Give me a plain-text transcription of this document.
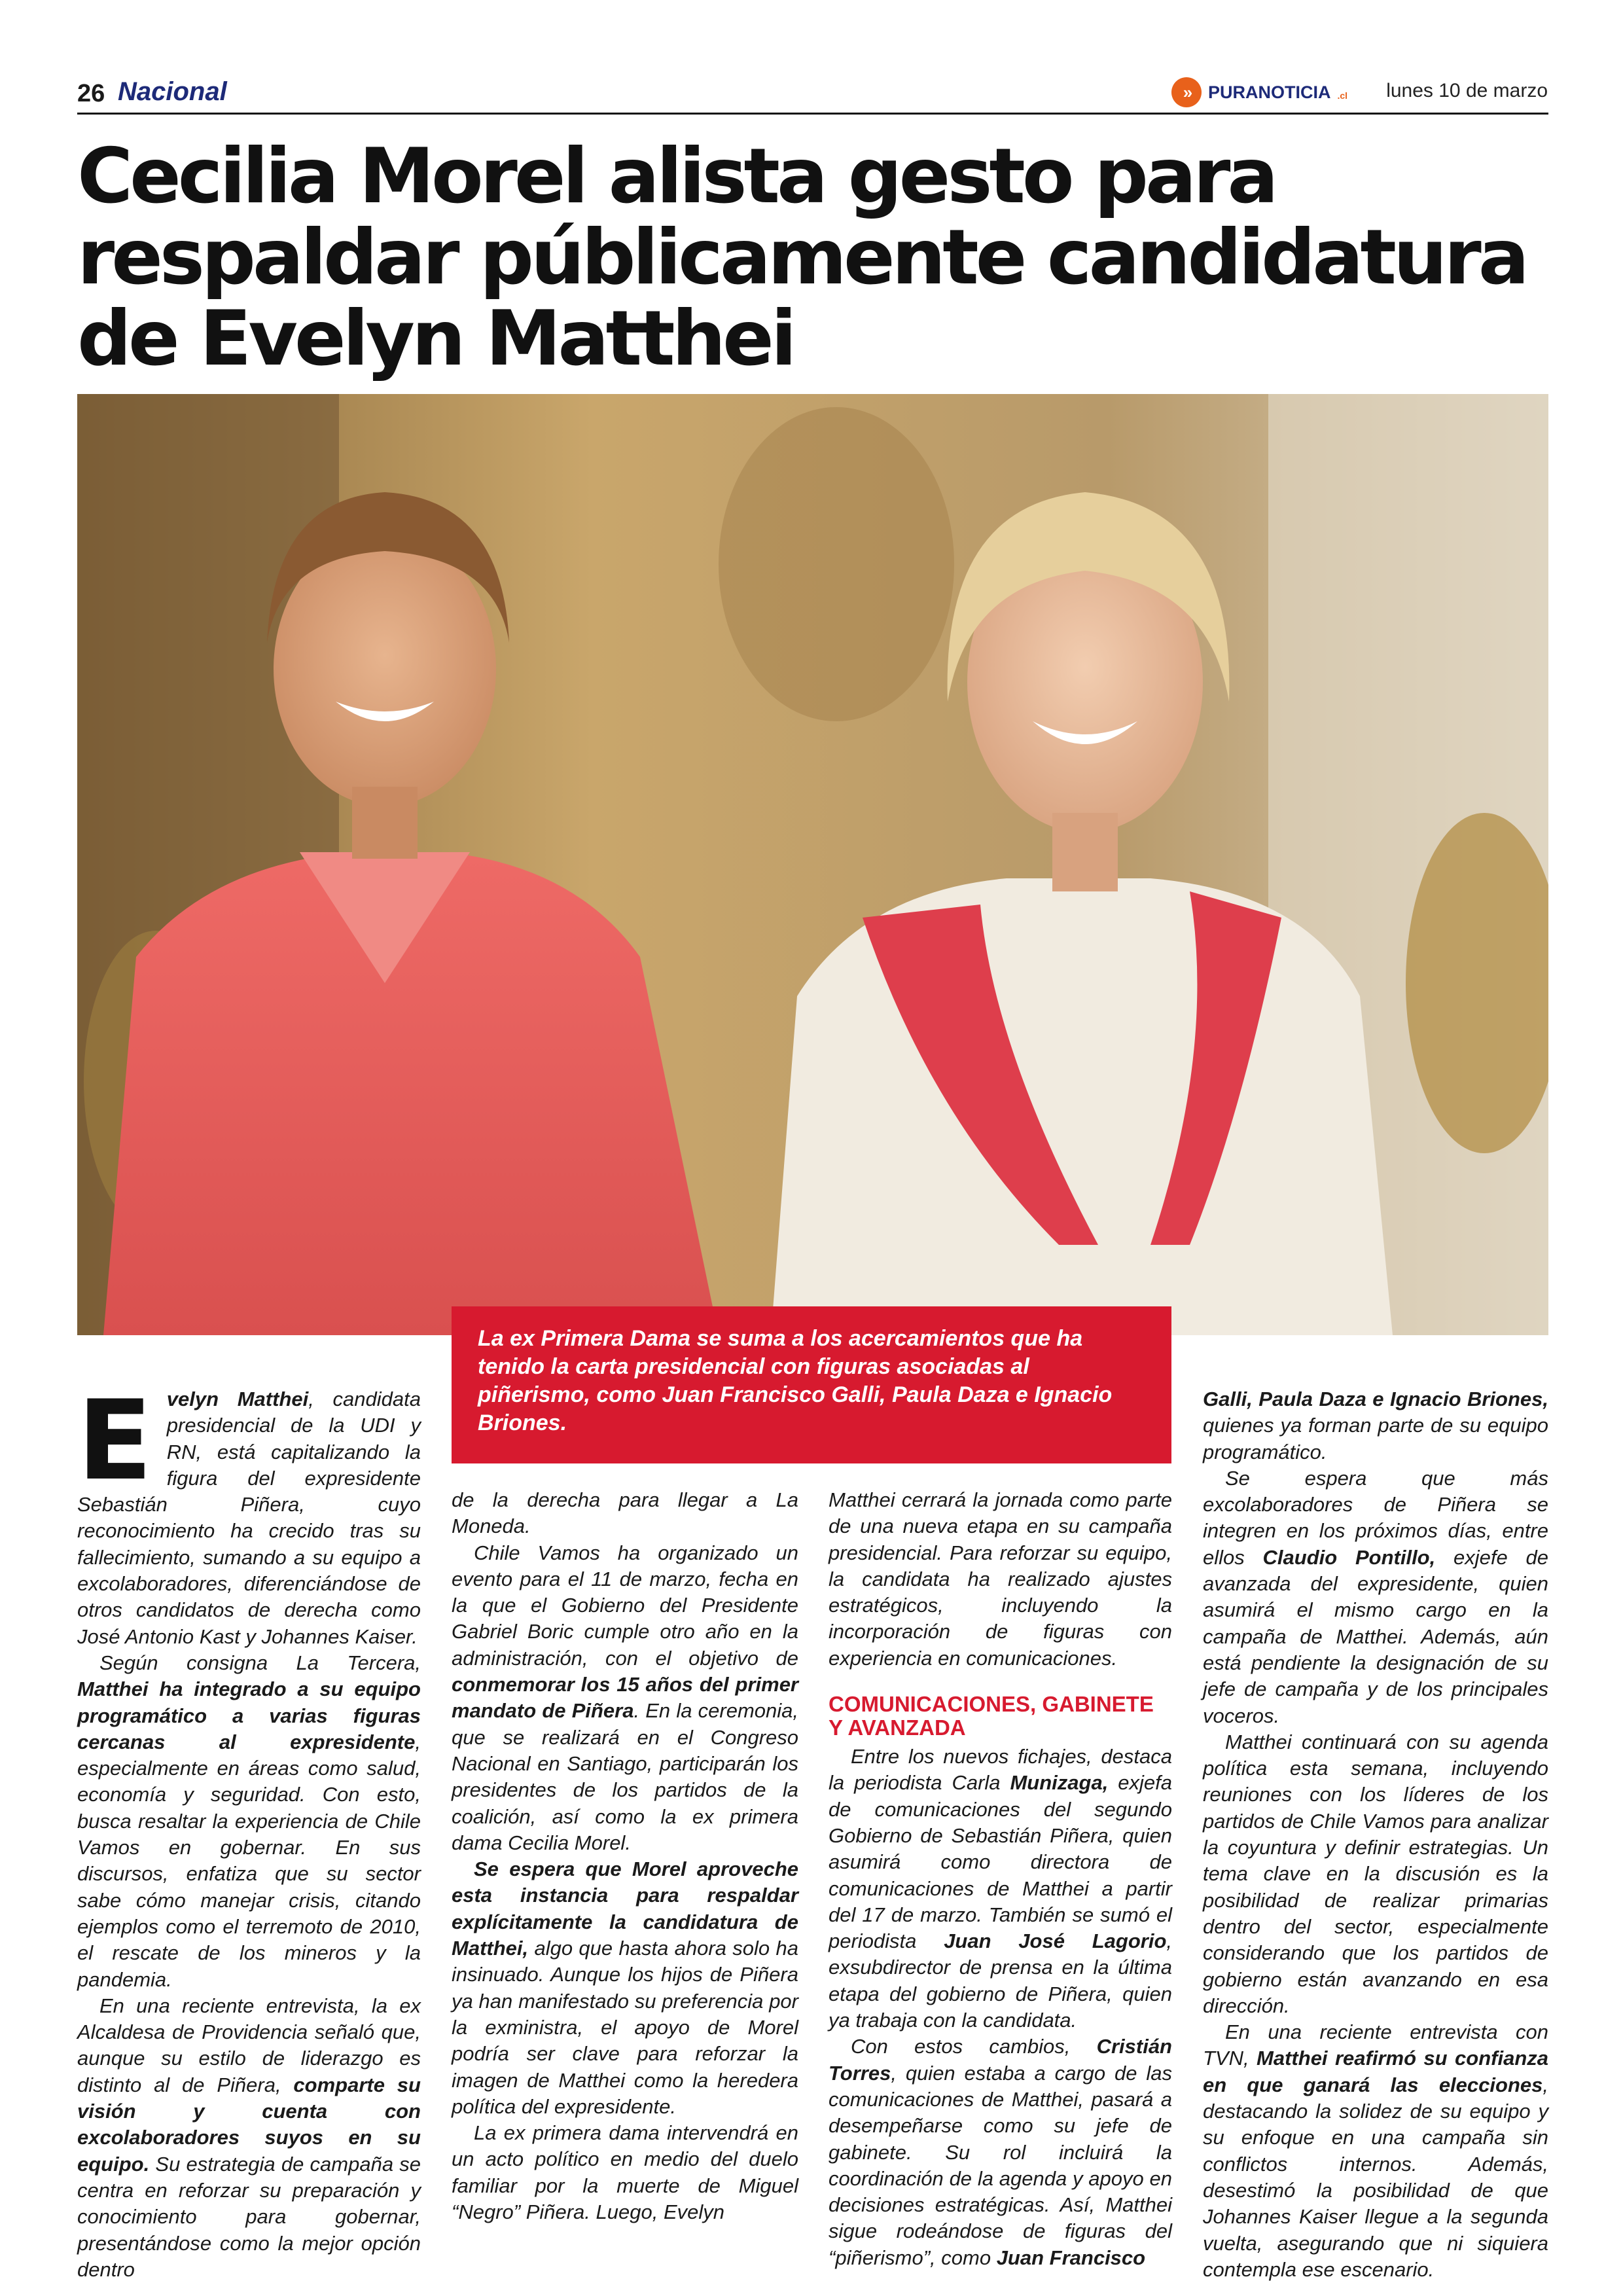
26 Nacional	»	PURANOTICIA .cl lunes 10 de marzo
Cecilia Morel alista gesto para
respaldar públicamente candidatura
de Evelyn Matthei
La ex Primera Dama se suma a los acercamientos que ha tenido la carta presidencial con figuras asociadas al piñerismo, como Juan Francisco Galli, Paula Daza e Ignacio Briones.

Evelyn Matthei, candidata presidencial de la UDI y RN, está capitalizando la figura del expresidente Sebastián Piñera, cuyo reconocimiento ha crecido tras su fallecimiento, sumando a su equipo a excolaboradores, diferenciándose de otros candidatos de derecha como José Antonio Kast y Johannes Kaiser.

Según consigna La Tercera, Matthei ha integrado a su equipo programático a varias figuras cercanas al expresidente, especialmente en áreas como salud, economía y seguridad. Con esto, busca resaltar la experiencia de Chile Vamos en gobernar. En sus discursos, enfatiza que su sector sabe cómo manejar crisis, citando ejemplos como el terremoto de 2010, el rescate de los mineros y la pandemia.

En una reciente entrevista, la ex Alcaldesa de Providencia señaló que, aunque su estilo de liderazgo es distinto al de Piñera, comparte su visión y cuenta con excolaboradores suyos en su equipo. Su estrategia de campaña se centra en reforzar su preparación y conocimiento para gobernar, presentándose como la mejor opción dentro

de la derecha para llegar a La Moneda.

Chile Vamos ha organizado un evento para el 11 de marzo, fecha en la que el Gobierno del Presidente Gabriel Boric cumple otro año en la administración, con el objetivo de conmemorar los 15 años del primer mandato de Piñera. En la ceremonia, que se realizará en el Congreso Nacional en Santiago, participarán los presidentes de los partidos de la coalición, así como la ex primera dama Cecilia Morel.

Se espera que Morel aproveche esta instancia para respaldar explícitamente la candidatura de Matthei, algo que hasta ahora solo ha insinuado. Aunque los hijos de Piñera ya han manifestado su preferencia por la exministra, el apoyo de Morel podría ser clave para reforzar la imagen de Matthei como la heredera política del expresidente.

La ex primera dama intervendrá en un acto político en medio del duelo familiar por la muerte de Miguel “Negro” Piñera. Luego, Evelyn

Matthei cerrará la jornada como parte de una nueva etapa en su campaña presidencial. Para reforzar su equipo, la candidata ha realizado ajustes estratégicos, incluyendo la incorporación de figuras con experiencia en comunicaciones.

COMUNICACIONES, GABINETE Y AVANZADA

Entre los nuevos fichajes, destaca la periodista Carla Munizaga, exjefa de comunicaciones del segundo Gobierno de Sebastián Piñera, quien asumirá como directora de comunicaciones de Matthei a partir del 17 de marzo. También se sumó el periodista Juan José Lagorio, exsubdirector de prensa en la última etapa del gobierno de Piñera, quien ya trabaja con la candidata.

Con estos cambios, Cristián Torres, quien estaba a cargo de las comunicaciones de Matthei, pasará a desempeñarse como su jefe de gabinete. Su rol incluirá la coordinación de la agenda y apoyo en decisiones estratégicas. Así, Matthei sigue rodeándose de figuras del “piñerismo”, como Juan Francisco

Galli, Paula Daza e Ignacio Briones, quienes ya forman parte de su equipo programático.

Se espera que más excolaboradores de Piñera se integren en los próximos días, entre ellos Claudio Pontillo, exjefe de avanzada del expresidente, quien asumirá el mismo cargo en la campaña de Matthei. Además, aún está pendiente la designación de su jefe de campaña y de los principales voceros.

Matthei continuará con su agenda política esta semana, incluyendo reuniones con los líderes de los partidos de Chile Vamos para analizar la coyuntura y definir estrategias. Un tema clave en la discusión es la posibilidad de realizar primarias dentro del sector, especialmente considerando que los partidos de gobierno están avanzando en esa dirección.

En una reciente entrevista con TVN, Matthei reafirmó su confianza en que ganará las elecciones, destacando la solidez de su equipo y su enfoque en una campaña sin conflictos internos. Además, desestimó la posibilidad de que Johannes Kaiser llegue a la segunda vuelta, asegurando que ni siquiera contempla ese escenario.
